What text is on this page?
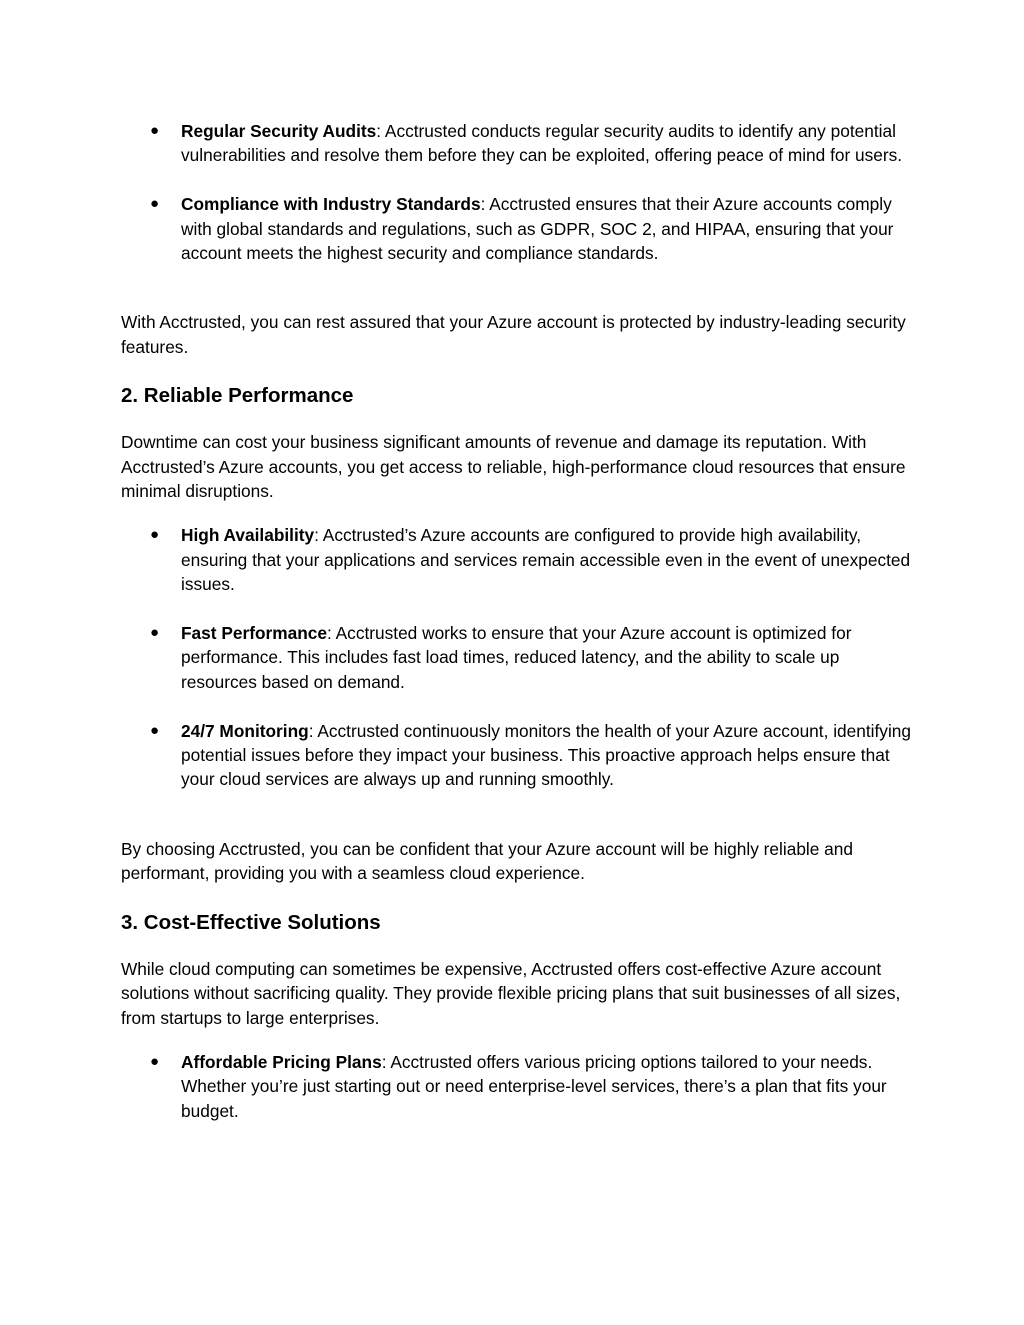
● Regular Security Audits: Acctrusted conducts regular security audits to identify any potential vulnerabilities and resolve them before they can be exploited, offering peace of mind for users.
● Compliance with Industry Standards: Acctrusted ensures that their Azure accounts comply with global standards and regulations, such as GDPR, SOC 2, and HIPAA, ensuring that your account meets the highest security and compliance standards.

With Acctrusted, you can rest assured that your Azure account is protected by industry-leading security features.

2. Reliable Performance

Downtime can cost your business significant amounts of revenue and damage its reputation. With Acctrusted’s Azure accounts, you get access to reliable, high-performance cloud resources that ensure minimal disruptions.

● High Availability: Acctrusted’s Azure accounts are configured to provide high availability, ensuring that your applications and services remain accessible even in the event of unexpected issues.
● Fast Performance: Acctrusted works to ensure that your Azure account is optimized for performance. This includes fast load times, reduced latency, and the ability to scale up resources based on demand.
● 24/7 Monitoring: Acctrusted continuously monitors the health of your Azure account, identifying potential issues before they impact your business. This proactive approach helps ensure that your cloud services are always up and running smoothly.

By choosing Acctrusted, you can be confident that your Azure account will be highly reliable and performant, providing you with a seamless cloud experience.

3. Cost-Effective Solutions

While cloud computing can sometimes be expensive, Acctrusted offers cost-effective Azure account solutions without sacrificing quality. They provide flexible pricing plans that suit businesses of all sizes, from startups to large enterprises.

● Affordable Pricing Plans: Acctrusted offers various pricing options tailored to your needs. Whether you’re just starting out or need enterprise-level services, there’s a plan that fits your budget.
